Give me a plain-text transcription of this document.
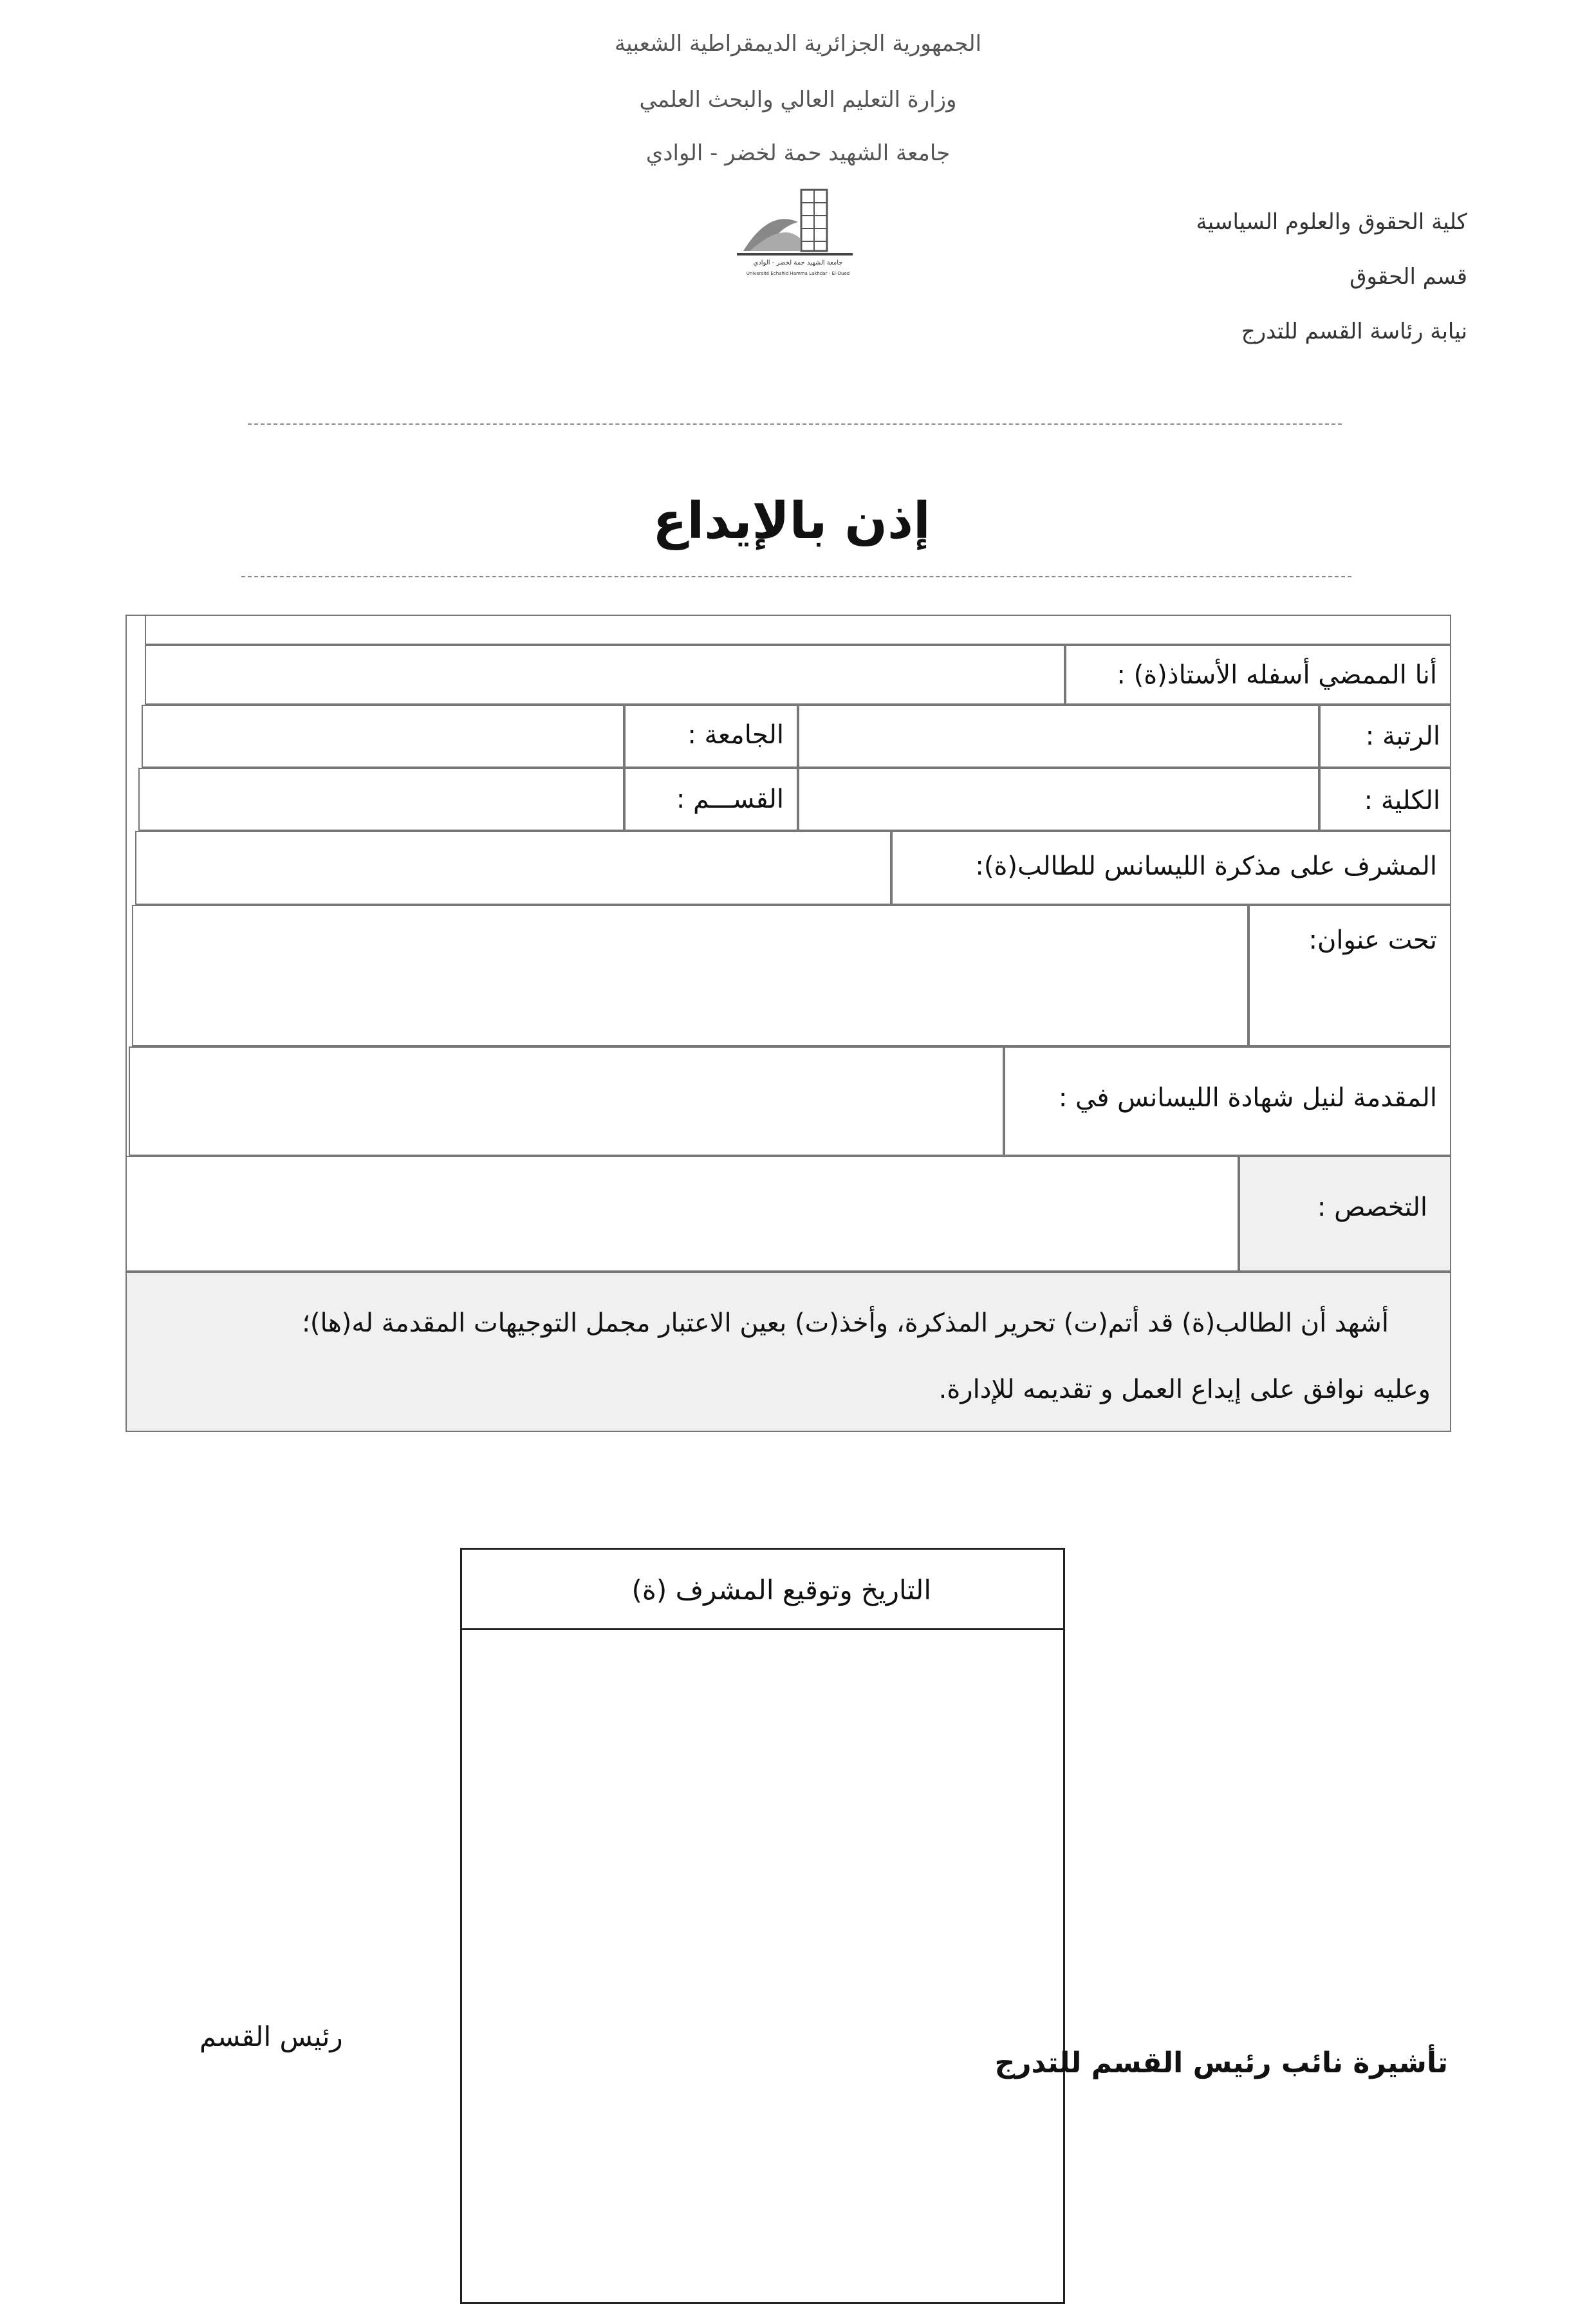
الجمهورية الجزائرية الديمقراطية الشعبية
وزارة التعليم العالي والبحث العلمي
جامعة الشهيد حمة لخضر - الوادي
جامعة الشهيد حمة لخضر - الوادي
Université Echahid Hamma Lakhdar - El-Oued
كلية الحقوق والعلوم السياسية
قسم الحقوق
نيابة رئاسة القسم للتدرج
إذن بالإيداع
أنا الممضي أسفله الأستاذ(ة) :
الرتبة :
الجامعة :
الكلية :
القســـم :
المشرف على مذكرة الليسانس للطالب(ة):
تحت عنوان:
المقدمة لنيل شهادة الليسانس في :
التخصص :
أشهد أن الطالب(ة) قد أتم(ت) تحرير المذكرة، وأخذ(ت) بعين الاعتبار مجمل التوجيهات المقدمة له(ها)؛
وعليه نوافق على إيداع العمل و تقديمه للإدارة.
التاريخ وتوقيع المشرف (ة)
تأشيرة نائب رئيس القسم للتدرج
رئيس القسم
